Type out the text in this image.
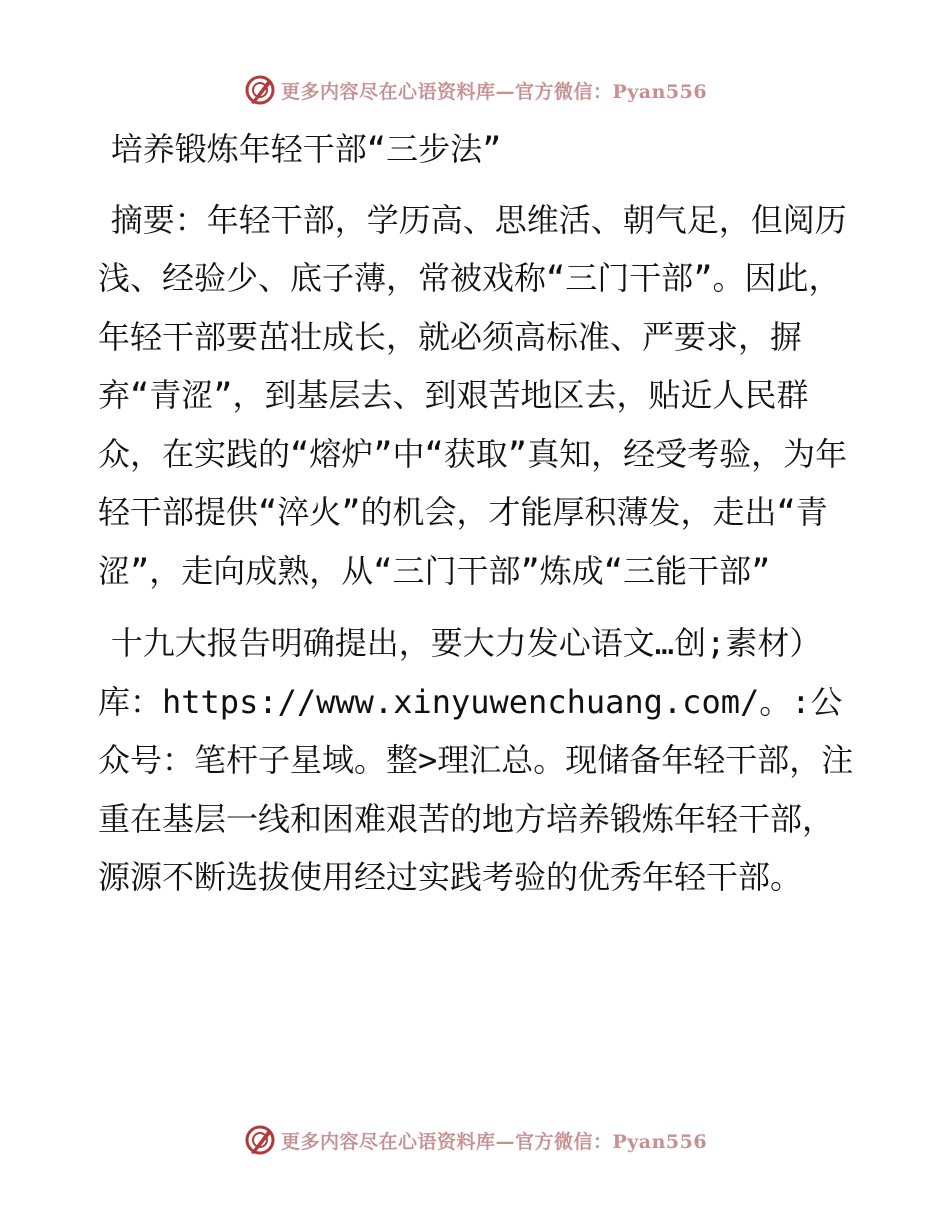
更多内容尽在心语资料库—官方微信：Pyan556

培养锻炼年轻干部“三步法”

摘要：年轻干部，学历高、思维活、朝气足，但阅历浅、经验少、底子薄，常被戏称“三门干部”。因此，年轻干部要茁壮成长，就必须高标准、严要求，摒弃“青涩”，到基层去、到艰苦地区去，贴近人民群众，在实践的“熔炉”中“获取”真知，经受考验，为年轻干部提供“淬火”的机会，才能厚积薄发，走出“青涩”，走向成熟，从“三门干部”炼成“三能干部”

十九大报告明确提出，要大力发心语文…创;素材）库：https://www.xinyuwenchuang.com/。:公众号：笔杆子星域。整>理汇总。现储备年轻干部，注重在基层一线和困难艰苦的地方培养锻炼年轻干部，源源不断选拔使用经过实践考验的优秀年轻干部。

更多内容尽在心语资料库—官方微信：Pyan556
